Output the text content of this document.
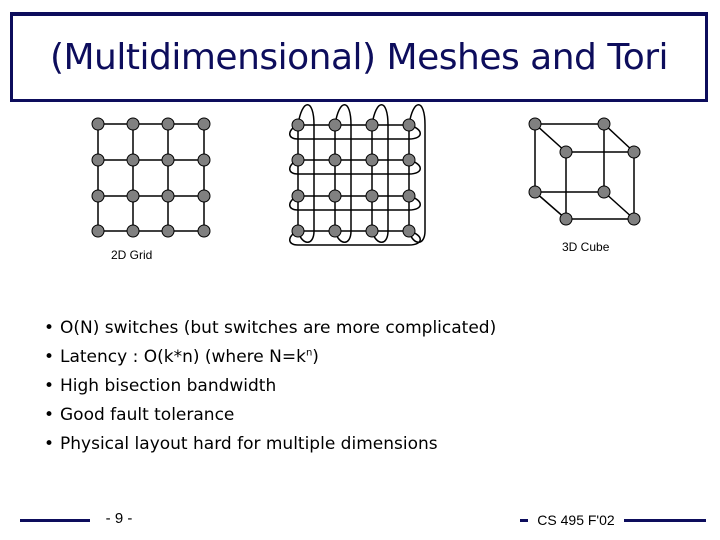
(Multidimensional) Meshes and Tori
2D Grid
3D Cube
• O(N) switches (but switches are more complicated)
• Latency : O(k*n) (where $N=k^n$)
• High bisection bandwidth
• Good fault tolerance
• Physical layout hard for multiple dimensions
- 9 -	CS 495 F'02
